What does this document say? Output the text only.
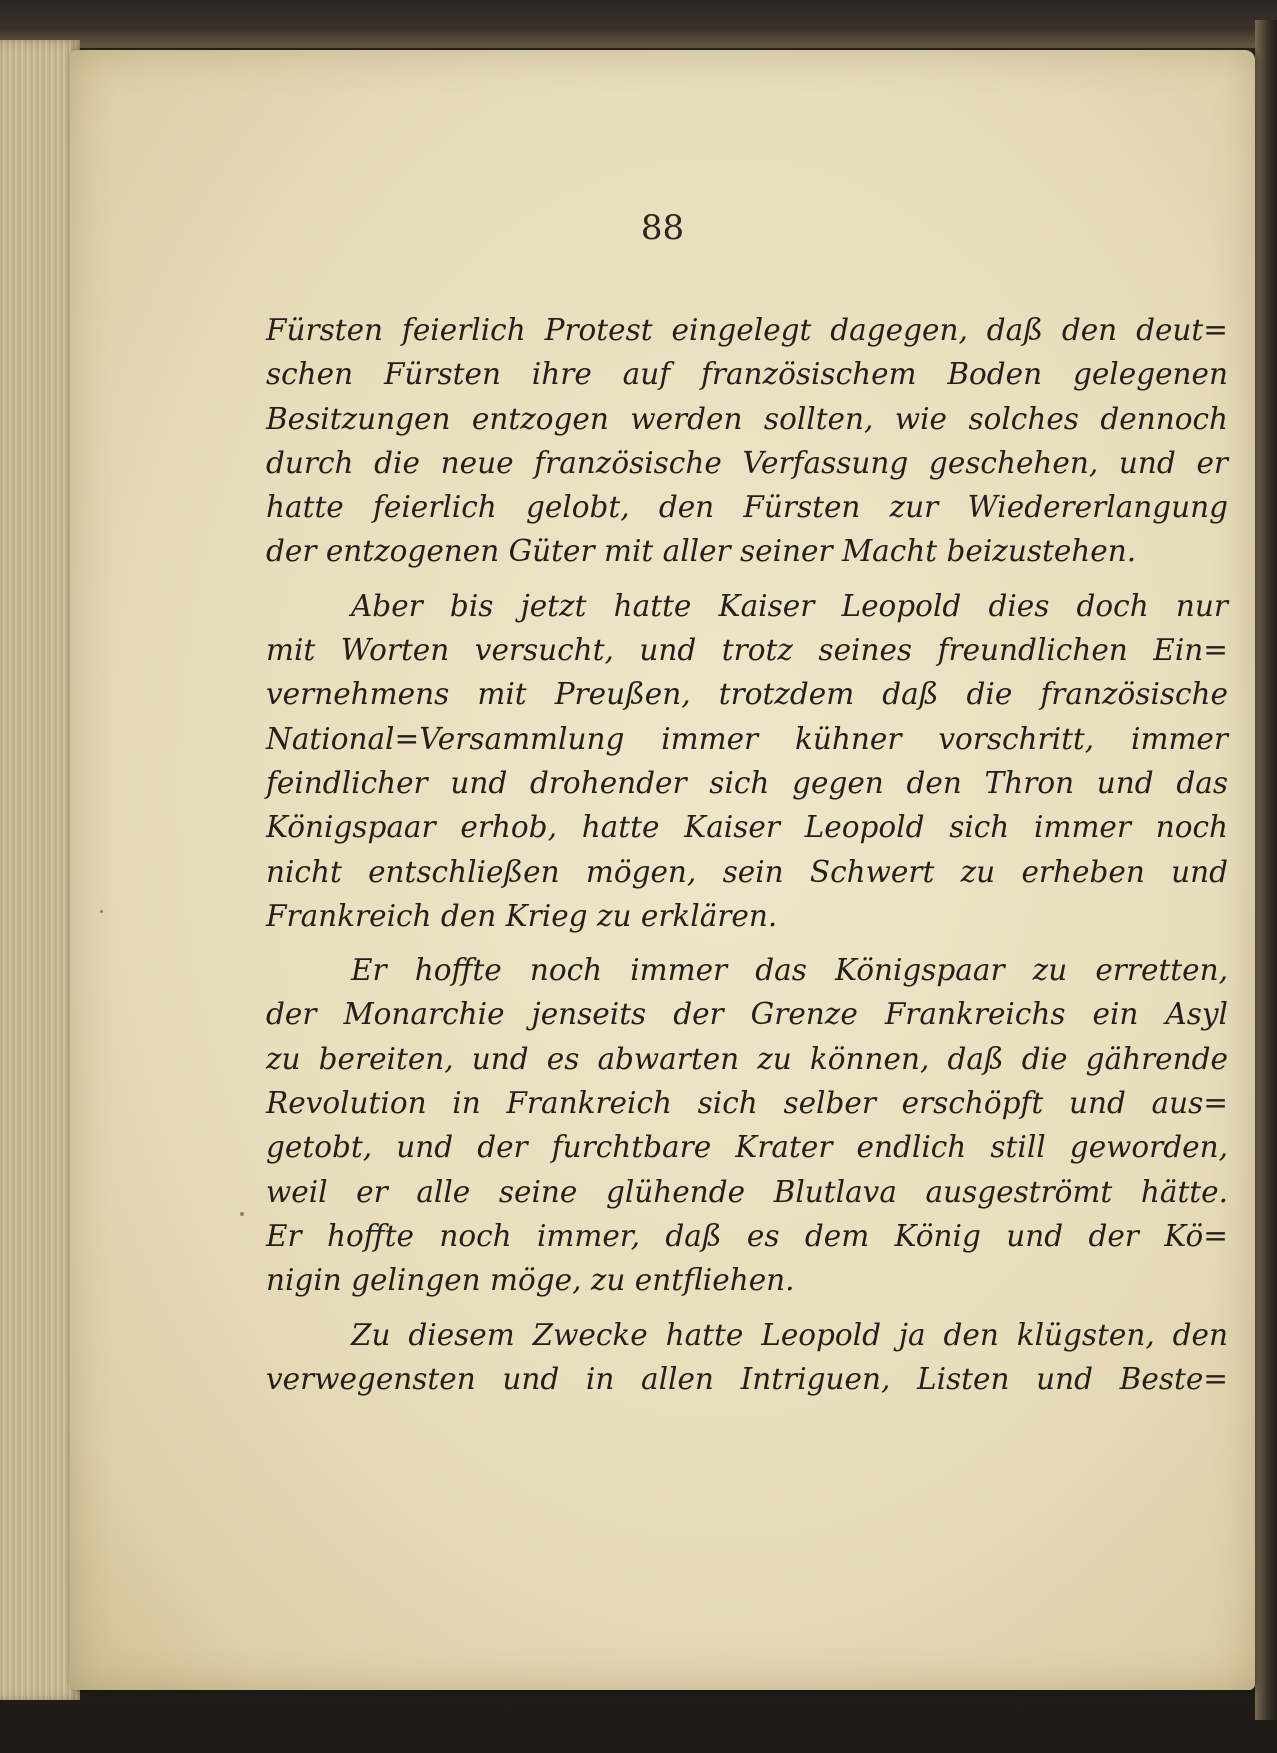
88
Fürsten feierlich Protest eingelegt dagegen, daß den deut=
schen Fürsten ihre auf französischem Boden gelegenen
Besitzungen entzogen werden sollten, wie solches dennoch
durch die neue französische Verfassung geschehen, und er
hatte feierlich gelobt, den Fürsten zur Wiedererlangung
der entzogenen Güter mit aller seiner Macht beizustehen.
Aber bis jetzt hatte Kaiser Leopold dies doch nur
mit Worten versucht, und trotz seines freundlichen Ein=
vernehmens mit Preußen, trotzdem daß die französische
National=Versammlung immer kühner vorschritt, immer
feindlicher und drohender sich gegen den Thron und das
Königspaar erhob, hatte Kaiser Leopold sich immer noch
nicht entschließen mögen, sein Schwert zu erheben und
Frankreich den Krieg zu erklären.
Er hoffte noch immer das Königspaar zu erretten,
der Monarchie jenseits der Grenze Frankreichs ein Asyl
zu bereiten, und es abwarten zu können, daß die gährende
Revolution in Frankreich sich selber erschöpft und aus=
getobt, und der furchtbare Krater endlich still geworden,
weil er alle seine glühende Blutlava ausgeströmt hätte.
Er hoffte noch immer, daß es dem König und der Kö=
nigin gelingen möge, zu entfliehen.
Zu diesem Zwecke hatte Leopold ja den klügsten, den
verwegensten und in allen Intriguen, Listen und Beste=
